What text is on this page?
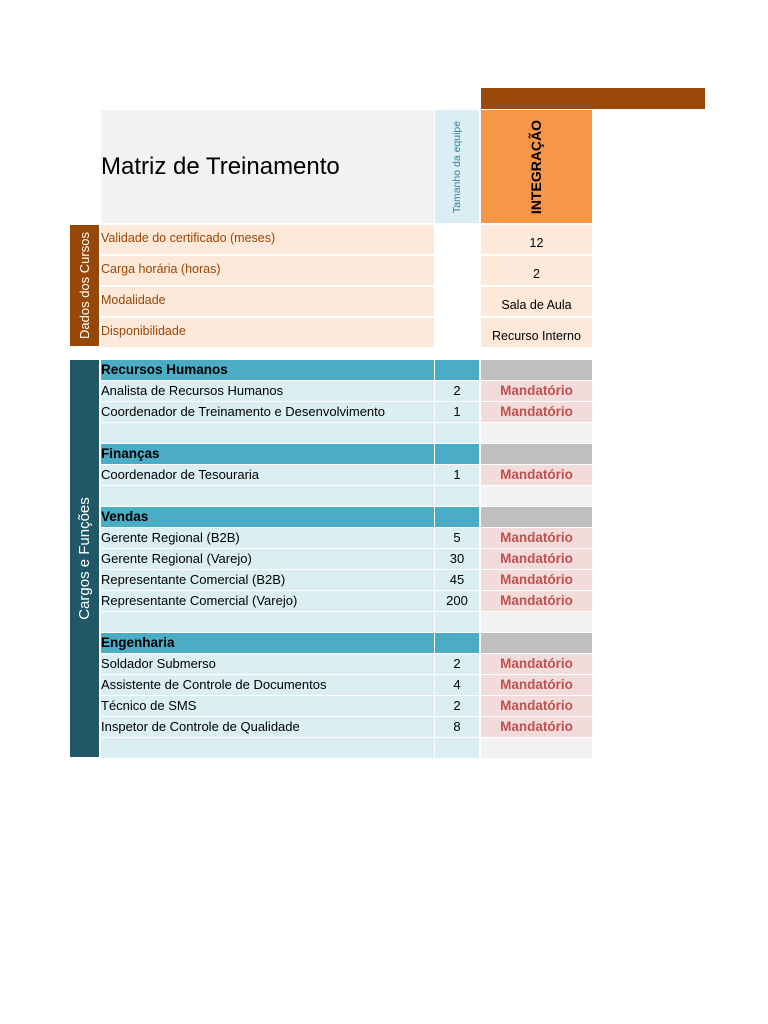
Matriz de Treinamento	Tamanho da equipe	INTEGRAÇÃO
Dados dos Cursos Validade do certificado (meses)	12
Carga horária (horas)	2
Modalidade	Sala de Aula
Disponibilidade	Recurso Interno
Cargos e Funções
Recursos Humanos
Analista de Recursos Humanos	2	Mandatório
Coordenador de Treinamento e Desenvolvimento	1	Mandatório
Finanças
Coordenador de Tesouraria	1	Mandatório
Vendas
Gerente Regional (B2B)	5	Mandatório
Gerente Regional (Varejo)	30	Mandatório
Representante Comercial (B2B)	45	Mandatório
Representante Comercial (Varejo)	200	Mandatório
Engenharia
Soldador Submerso	2	Mandatório
Assistente de Controle de Documentos	4	Mandatório
Técnico de SMS	2	Mandatório
Inspetor de Controle de Qualidade	8	Mandatório
